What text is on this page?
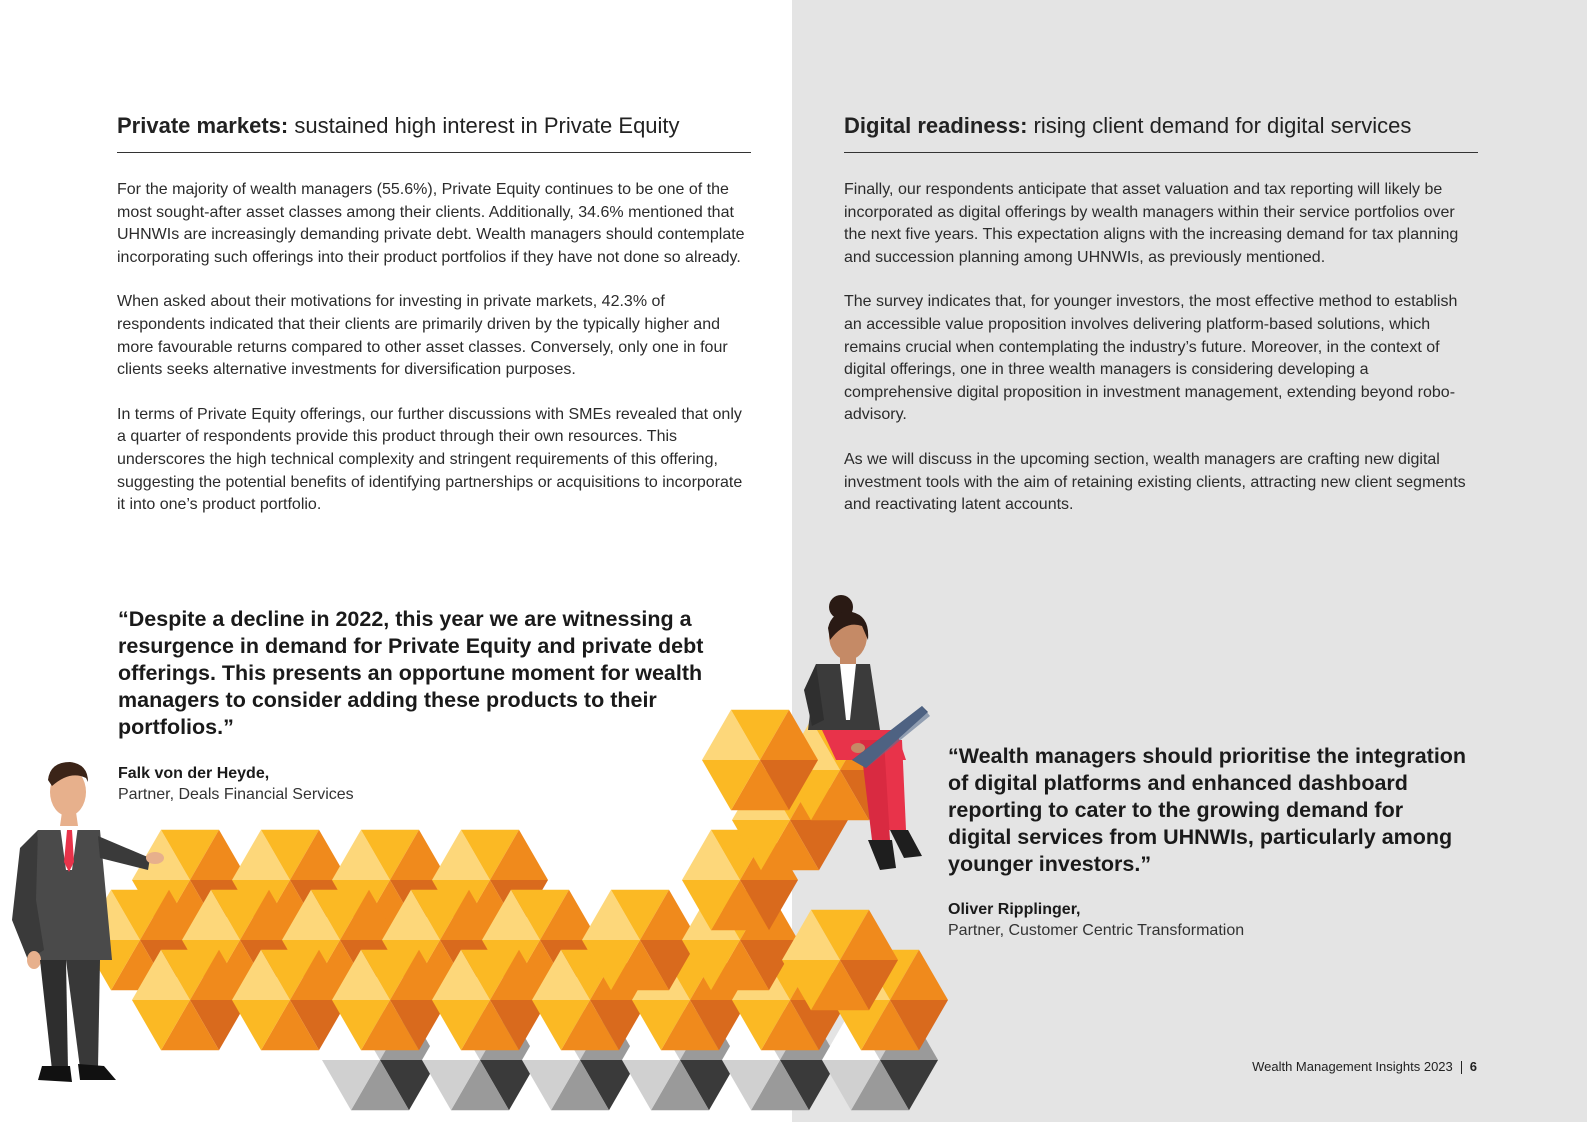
Private markets: sustained high interest in Private Equity

For the majority of wealth managers (55.6%), Private Equity continues to be one of the most sought-after asset classes among their clients. Additionally, 34.6% mentioned that UHNWIs are increasingly demanding private debt. Wealth managers should contemplate incorporating such offerings into their product portfolios if they have not done so already.

When asked about their motivations for investing in private markets, 42.3% of respondents indicated that their clients are primarily driven by the typically higher and more favourable returns compared to other asset classes. Conversely, only one in four clients seeks alternative investments for diversification purposes.

In terms of Private Equity offerings, our further discussions with SMEs revealed that only a quarter of respondents provide this product through their own resources. This underscores the high technical complexity and stringent requirements of this offering, suggesting the potential benefits of identifying partnerships or acquisitions to incorporate it into one’s product portfolio.

Digital readiness: rising client demand for digital services

Finally, our respondents anticipate that asset valuation and tax reporting will likely be incorporated as digital offerings by wealth managers within their service portfolios over the next five years. This expectation aligns with the increasing demand for tax planning and succession planning among UHNWIs, as previously mentioned.

The survey indicates that, for younger investors, the most effective method to establish an accessible value proposition involves delivering platform-based solutions, which remains crucial when contemplating the industry’s future. Moreover, in the context of digital offerings, one in three wealth managers is considering developing a comprehensive digital proposition in investment management, extending beyond robo-advisory.

As we will discuss in the upcoming section, wealth managers are crafting new digital investment tools with the aim of retaining existing clients, attracting new client segments and reactivating latent accounts.

“Despite a decline in 2022, this year we are witnessing a resurgence in demand for Private Equity and private debt offerings. This presents an opportune moment for wealth managers to consider adding these products to their portfolios.”
Falk von der Heyde,
Partner, Deals Financial Services
“Wealth managers should prioritise the integration of digital platforms and enhanced dashboard reporting to cater to the growing demand for digital services from UHNWIs, particularly among younger investors.”
Oliver Ripplinger,
Partner, Customer Centric Transformation
Wealth Management Insights 2023 6
